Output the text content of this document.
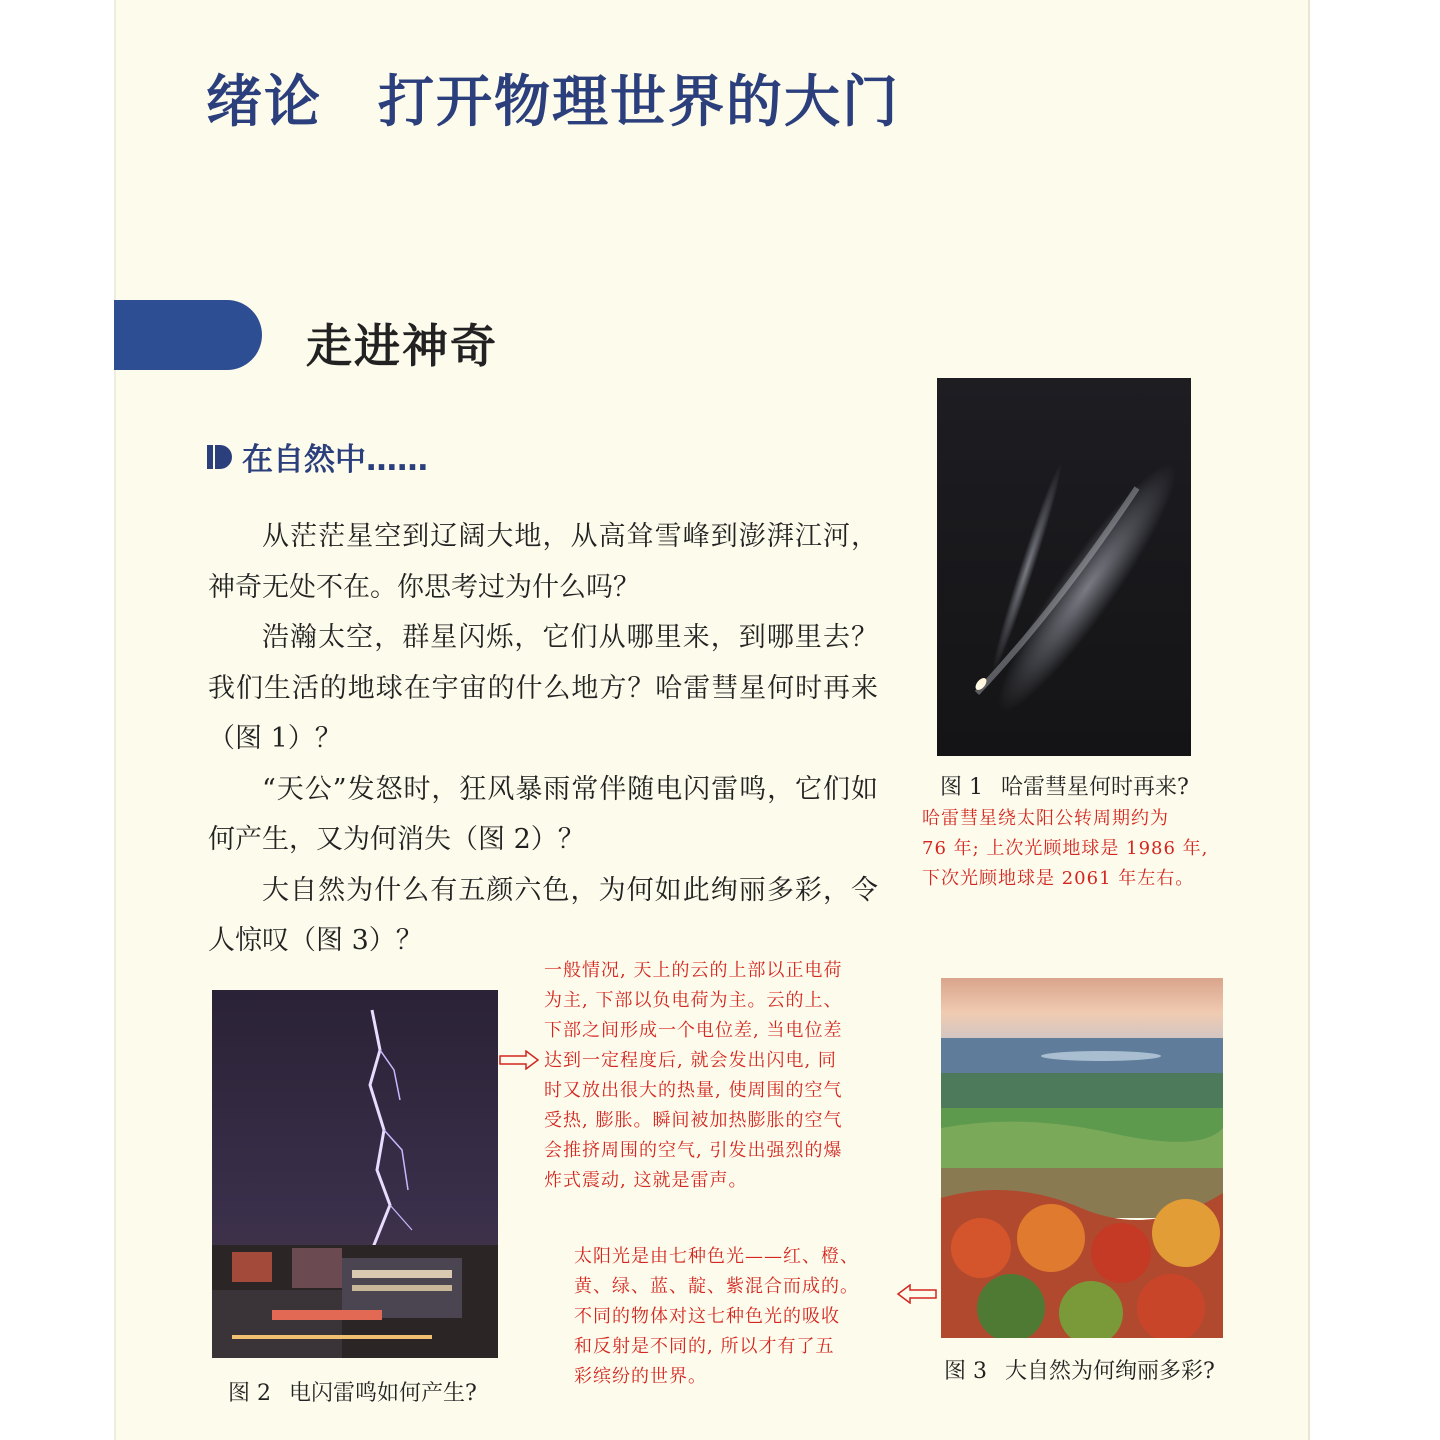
绪论 打开物理世界的大门
走进神奇
在自然中……

从茫茫星空到辽阔大地，从高耸雪峰到澎湃江河，神奇无处不在。你思考过为什么吗？

浩瀚太空，群星闪烁，它们从哪里来，到哪里去？我们生活的地球在宇宙的什么地方？哈雷彗星何时再来（图 1）？

“天公”发怒时，狂风暴雨常伴随电闪雷鸣，它们如何产生，又为何消失（图 2）？

大自然为什么有五颜六色，为何如此绚丽多彩，令人惊叹（图 3）？

图 1 哈雷彗星何时再来?
哈雷彗星绕太阳公转周期约为
76 年; 上次光顾地球是 1986 年,
下次光顾地球是 2061 年左右。
图 2 电闪雷鸣如何产生?
一般情况, 天上的云的上部以正电荷
为主, 下部以负电荷为主。云的上、
下部之间形成一个电位差, 当电位差
达到一定程度后, 就会发出闪电, 同
时又放出很大的热量, 使周围的空气
受热, 膨胀。瞬间被加热膨胀的空气
会推挤周围的空气, 引发出强烈的爆
炸式震动, 这就是雷声。
图 3 大自然为何绚丽多彩?
太阳光是由七种色光——红、橙、
黄、绿、蓝、靛、紫混合而成的。
不同的物体对这七种色光的吸收
和反射是不同的, 所以才有了五
彩缤纷的世界。
